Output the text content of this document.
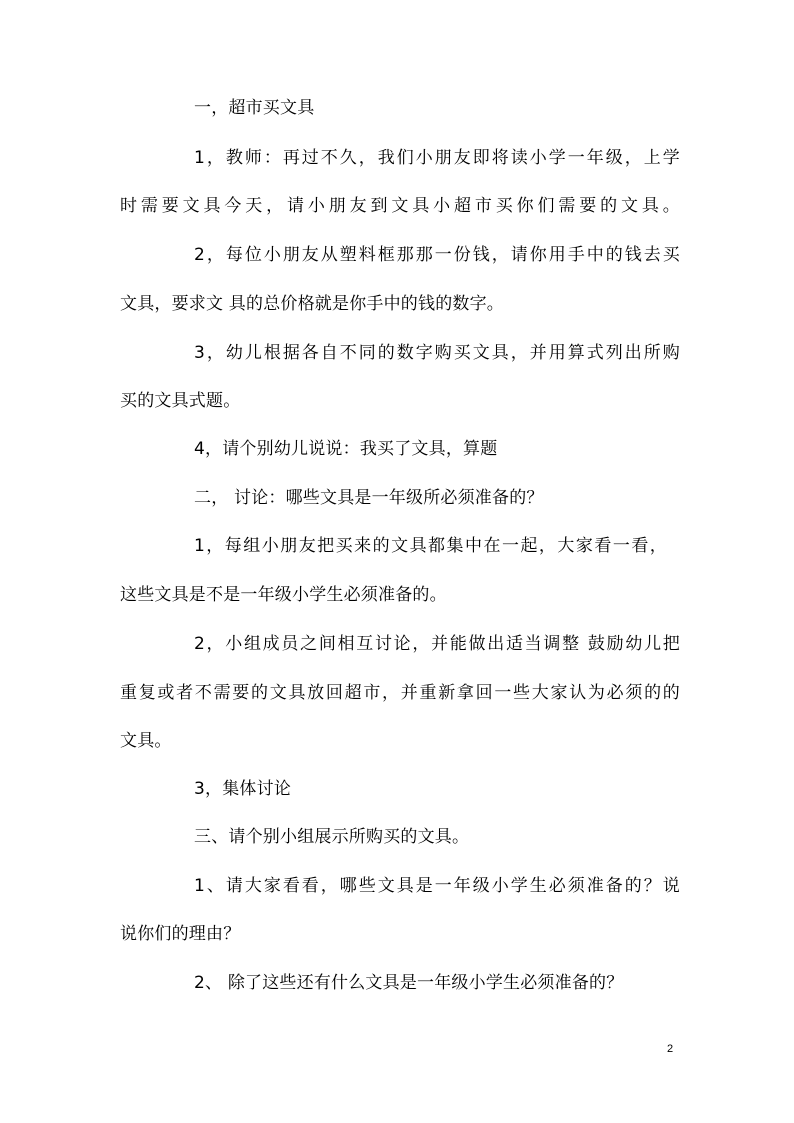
一，超市买文具
1，教师：再过不久，我们小朋友即将读小学一年级，上学
时需要文具今天，请小朋友到文具小超市买你们需要的文具。
2，每位小朋友从塑料框那那一份钱，请你用手中的钱去买
文具，要求文 具的总价格就是你手中的钱的数字。
3，幼儿根据各自不同的数字购买文具，并用算式列出所购
买的文具式题。
4，请个别幼儿说说：我买了文具，算题
二， 讨论：哪些文具是一年级所必须准备的？
1，每组小朋友把买来的文具都集中在一起，大家看一看，
这些文具是不是一年级小学生必须准备的。
2，小组成员之间相互讨论，并能做出适当调整 鼓励幼儿把
重复或者不需要的文具放回超市，并重新拿回一些大家认为必须的的
文具。
3，集体讨论
三、请个别小组展示所购买的文具。
1、请大家看看，哪些文具是一年级小学生必须准备的？说
说你们的理由？
2、 除了这些还有什么文具是一年级小学生必须准备的？
2
